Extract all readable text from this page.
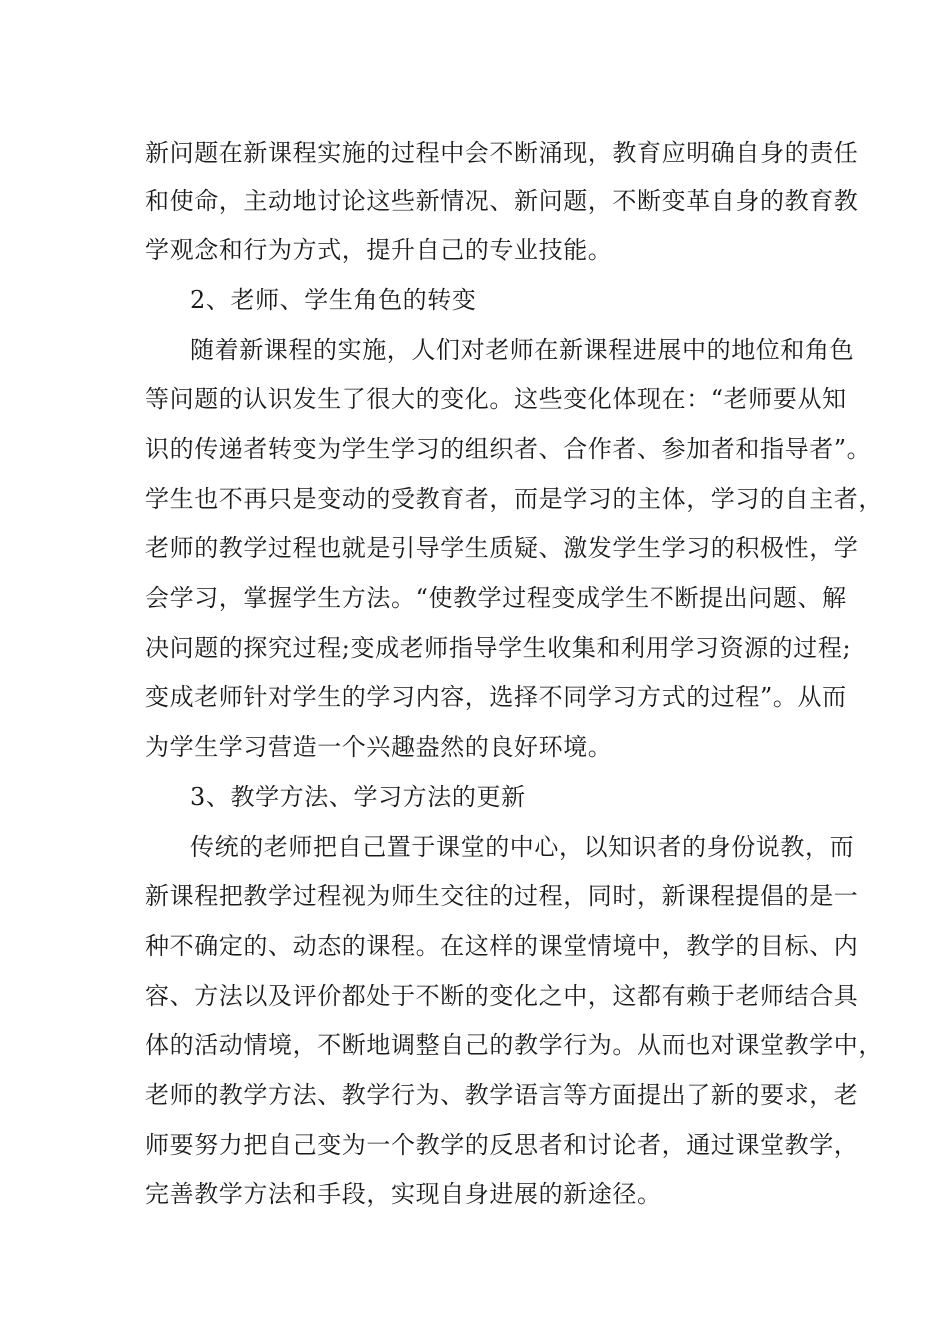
新问题在新课程实施的过程中会不断涌现，教育应明确自身的责任
和使命，主动地讨论这些新情况、新问题，不断变革自身的教育教
学观念和行为方式，提升自己的专业技能。
2、老师、学生角色的转变
随着新课程的实施，人们对老师在新课程进展中的地位和角色
等问题的认识发生了很大的变化。这些变化体现在：“老师要从知
识的传递者转变为学生学习的组织者、合作者、参加者和指导者”。
学生也不再只是变动的受教育者，而是学习的主体，学习的自主者，
老师的教学过程也就是引导学生质疑、激发学生学习的积极性，学
会学习，掌握学生方法。“使教学过程变成学生不断提出问题、解
决问题的探究过程;变成老师指导学生收集和利用学习资源的过程;
变成老师针对学生的学习内容，选择不同学习方式的过程”。从而
为学生学习营造一个兴趣盎然的良好环境。
3、教学方法、学习方法的更新
传统的老师把自己置于课堂的中心，以知识者的身份说教，而
新课程把教学过程视为师生交往的过程，同时，新课程提倡的是一
种不确定的、动态的课程。在这样的课堂情境中，教学的目标、内
容、方法以及评价都处于不断的变化之中，这都有赖于老师结合具
体的活动情境，不断地调整自己的教学行为。从而也对课堂教学中，
老师的教学方法、教学行为、教学语言等方面提出了新的要求，老
师要努力把自己变为一个教学的反思者和讨论者，通过课堂教学，
完善教学方法和手段，实现自身进展的新途径。
